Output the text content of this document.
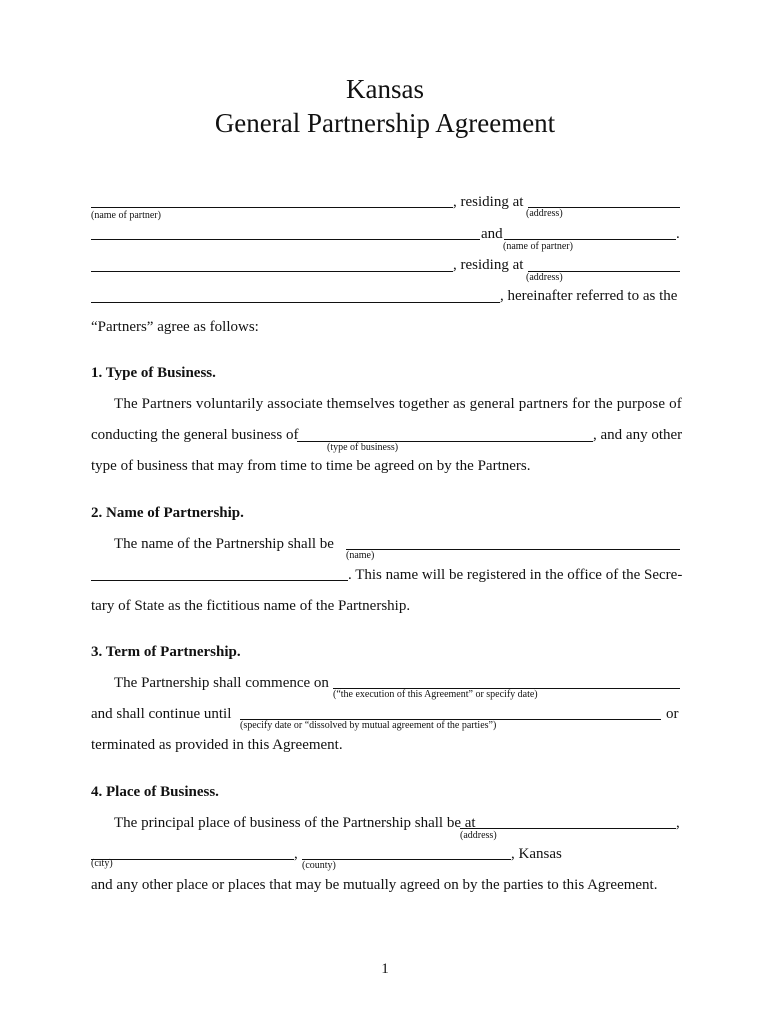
Kansas
General Partnership Agreement
, residing at
(name of partner)	(address)
and	.
(name of partner)
, residing at
(address)
, hereinafter referred to as the
“Partners” agree as follows:
1. Type of Business.
The Partners voluntarily associate themselves together as general partners for the purpose of
conducting the general business of	, and any other
(type of business)
type of business that may from time to time be agreed on by the Partners.
2. Name of Partnership.
The name of the Partnership shall be
(name)
. This name will be registered in the office of the Secre-
tary of State as the fictitious name of the Partnership.
3. Term of Partnership.
The Partnership shall commence on
(“the execution of this Agreement” or specify date)
and shall continue until	or
(specify date or “dissolved by mutual agreement of the parties”)
terminated as provided in this Agreement.
4. Place of Business.
The principal place of business of the Partnership shall be at	,
(address)
(city)
,
(county)
, Kansas
and any other place or places that may be mutually agreed on by the parties to this Agreement.
1
